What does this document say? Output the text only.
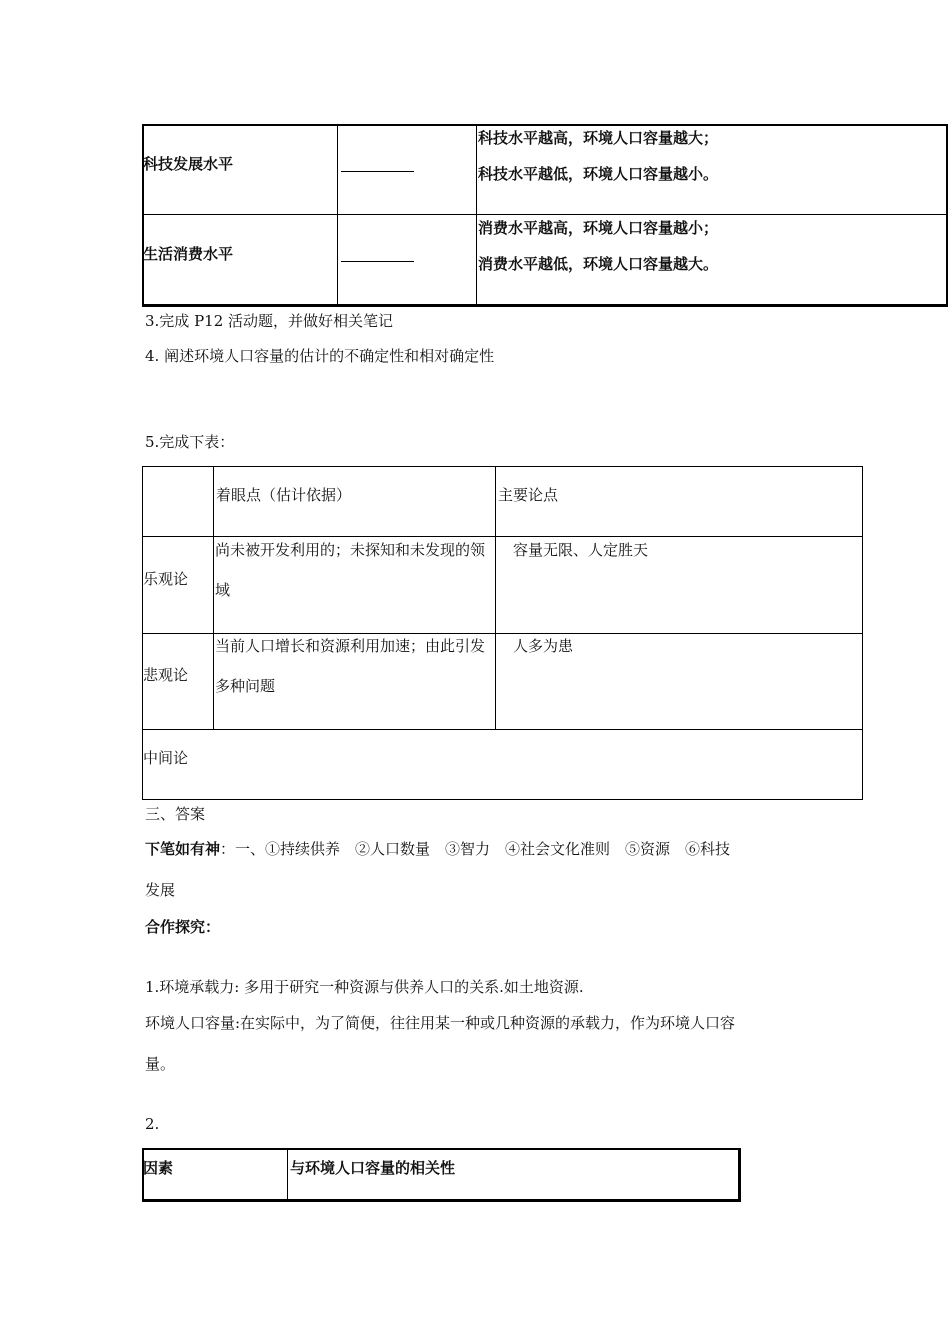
科技发展水平
科技水平越高，环境人口容量越大；
科技水平越低，环境人口容量越小。
生活消费水平
消费水平越高，环境人口容量越小；
消费水平越低，环境人口容量越大。
3.完成 P12 活动题，并做好相关笔记
4. 阐述环境人口容量的估计的不确定性和相对确定性
5.完成下表：
着眼点（估计依据）	主要论点
乐观论
尚未被开发利用的；未探知和未发现的领域
容量无限、人定胜天
悲观论
当前人口增长和资源利用加速；由此引发多种问题
人多为患
中间论
三、答案
下笔如有神：一、①持续供养　②人口数量　③智力　④社会文化准则　⑤资源　⑥科技
发展
合作探究：
1.环境承载力: 多用于研究一种资源与供养人口的关系.如土地资源.
环境人口容量:在实际中，为了简便，往往用某一种或几种资源的承载力，作为环境人口容
量。
2.
因素	与环境人口容量的相关性
